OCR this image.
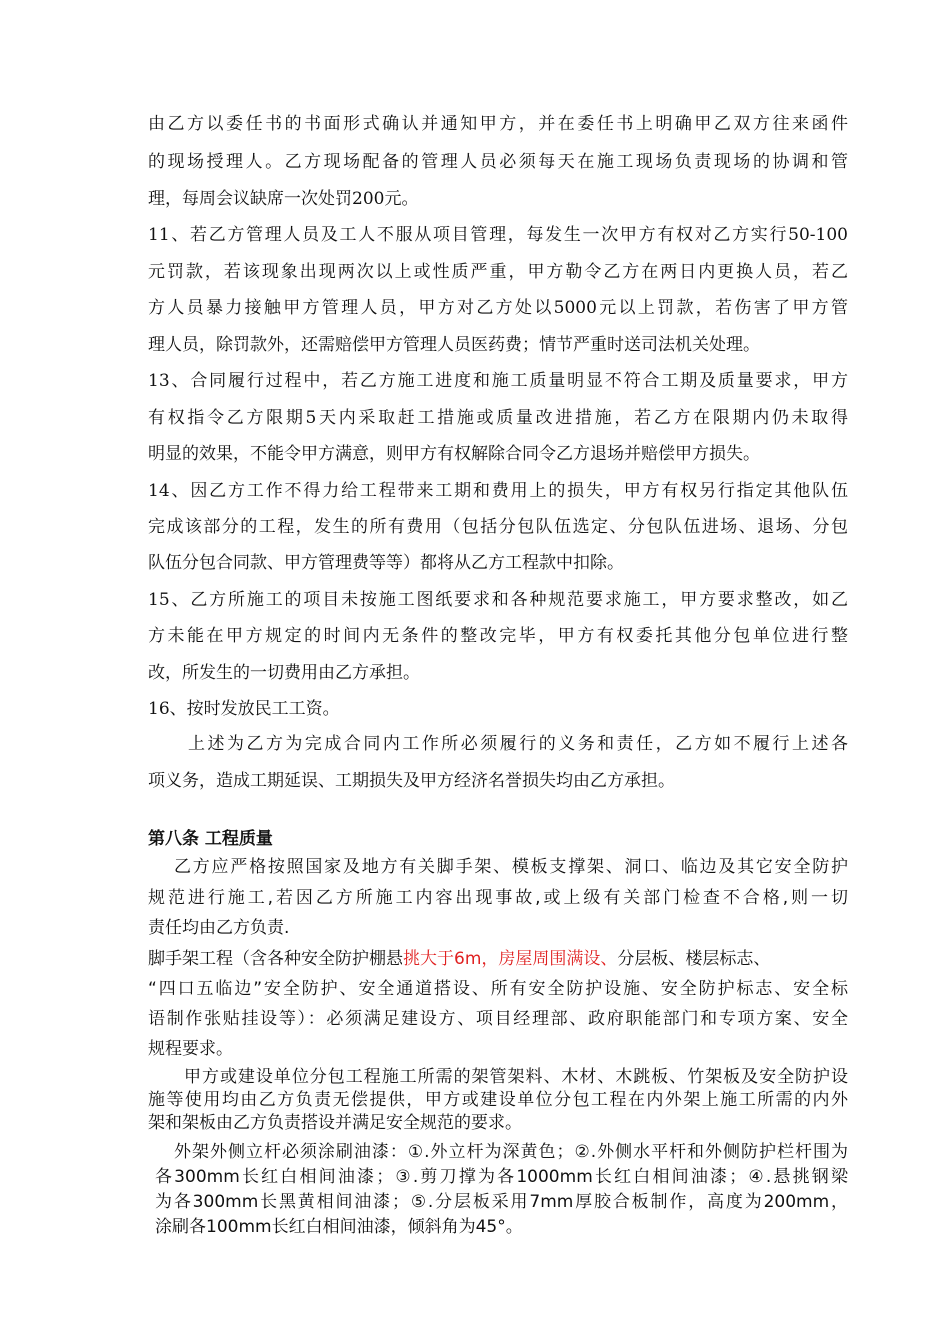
由乙方以委任书的书面形式确认并通知甲方，并在委任书上明确甲乙双方往来函件
的现场授理人。乙方现场配备的管理人员必须每天在施工现场负责现场的协调和管
理，每周会议缺席一次处罚200元。
11、若乙方管理人员及工人不服从项目管理，每发生一次甲方有权对乙方实行50-100
元罚款，若该现象出现两次以上或性质严重，甲方勒令乙方在两日内更换人员，若乙
方人员暴力接触甲方管理人员，甲方对乙方处以5000元以上罚款，若伤害了甲方管
理人员，除罚款外，还需赔偿甲方管理人员医药费；情节严重时送司法机关处理。
13、合同履行过程中，若乙方施工进度和施工质量明显不符合工期及质量要求，甲方
有权指令乙方限期5天内采取赶工措施或质量改进措施，若乙方在限期内仍未取得
明显的效果，不能令甲方满意，则甲方有权解除合同令乙方退场并赔偿甲方损失。
14、因乙方工作不得力给工程带来工期和费用上的损失，甲方有权另行指定其他队伍
完成该部分的工程，发生的所有费用（包括分包队伍选定、分包队伍进场、退场、分包
队伍分包合同款、甲方管理费等等）都将从乙方工程款中扣除。
15、乙方所施工的项目未按施工图纸要求和各种规范要求施工，甲方要求整改，如乙
方未能在甲方规定的时间内无条件的整改完毕，甲方有权委托其他分包单位进行整
改，所发生的一切费用由乙方承担。
16、按时发放民工工资。
上述为乙方为完成合同内工作所必须履行的义务和责任，乙方如不履行上述各
项义务，造成工期延误、工期损失及甲方经济名誉损失均由乙方承担。
第八条 工程质量
乙方应严格按照国家及地方有关脚手架、模板支撑架、洞口、临边及其它安全防护
规范进行施工,若因乙方所施工内容出现事故,或上级有关部门检查不合格,则一切
责任均由乙方负责.
脚手架工程（含各种安全防护棚悬挑大于6m，房屋周围满设、分层板、楼层标志、
“四口五临边”安全防护、安全通道搭设、所有安全防护设施、安全防护标志、安全标
语制作张贴挂设等）：必须满足建设方、项目经理部、政府职能部门和专项方案、安全
规程要求。
甲方或建设单位分包工程施工所需的架管架料、木材、木跳板、竹架板及安全防护设
施等使用均由乙方负责无偿提供，甲方或建设单位分包工程在内外架上施工所需的内外
架和架板由乙方负责搭设并满足安全规范的要求。
外架外侧立杆必须涂刷油漆：①.外立杆为深黄色；②.外侧水平杆和外侧防护栏杆围为
各300mm长红白相间油漆；③.剪刀撑为各1000mm长红白相间油漆；④.悬挑钢梁
为各300mm长黑黄相间油漆；⑤.分层板采用7mm厚胶合板制作，高度为200mm，
涂刷各100mm长红白相间油漆，倾斜角为45°。
